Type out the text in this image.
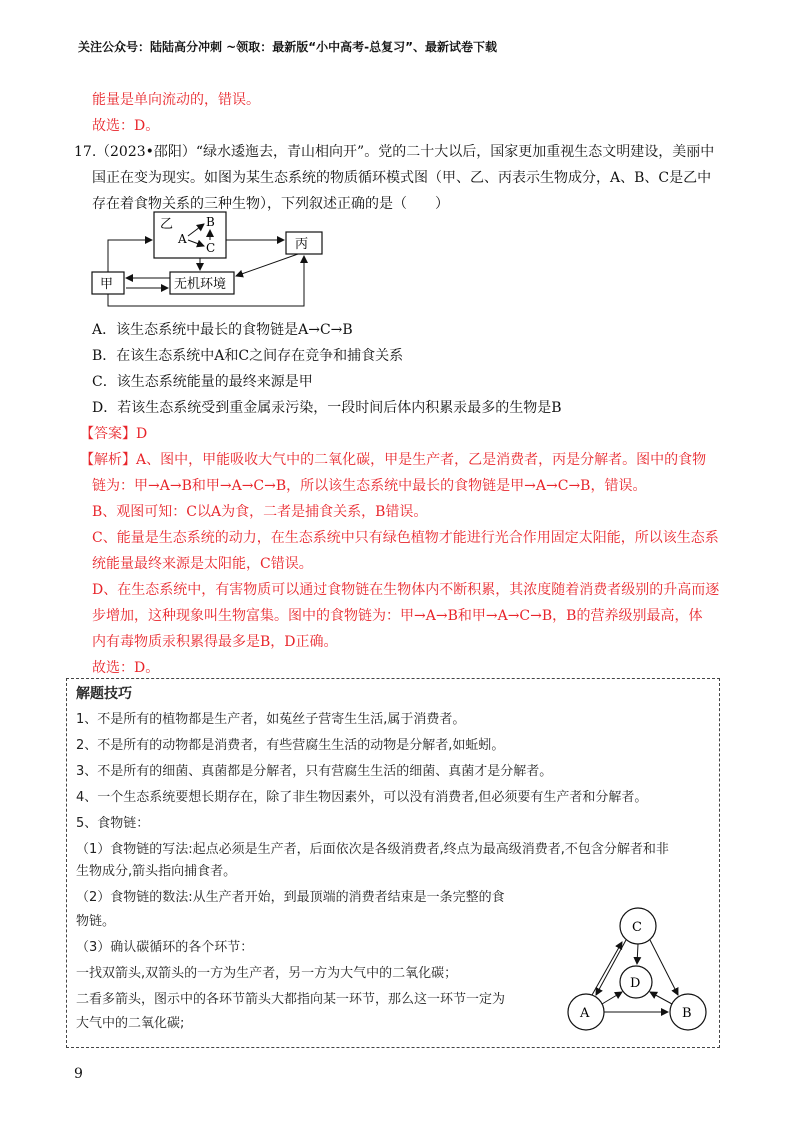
关注公众号：陆陆高分冲刺 ~领取：最新版“小中高考-总复习”、最新试卷下载
能量是单向流动的，错误。
故选：D。
17. （2023•邵阳）“绿水逶迤去，青山相向开”。党的二十大以后，国家更加重视生态文明建设，美丽中
国正在变为现实。如图为某生态系统的物质循环模式图（甲、乙、丙表示生物成分，A、B、C是乙中
存在着食物关系的三种生物），下列叙述正确的是（　　）
乙
A
B
C	丙
甲	无机环境
A．该生态系统中最长的食物链是A→C→B
B．在该生态系统中A和C之间存在竞争和捕食关系
C．该生态系统能量的最终来源是甲
D．若该生态系统受到重金属汞污染，一段时间后体内积累汞最多的生物是B
【答案】D
【解析】A、图中，甲能吸收大气中的二氧化碳，甲是生产者，乙是消费者，丙是分解者。图中的食物
链为：甲→A→B和甲→A→C→B，所以该生态系统中最长的食物链是甲→A→C→B，错误。
B、观图可知：C以A为食，二者是捕食关系，B错误。
C、能量是生态系统的动力，在生态系统中只有绿色植物才能进行光合作用固定太阳能，所以该生态系
统能量最终来源是太阳能，C错误。
D、在生态系统中，有害物质可以通过食物链在生物体内不断积累，其浓度随着消费者级别的升高而逐
步增加，这种现象叫生物富集。图中的食物链为：甲→A→B和甲→A→C→B，B的营养级别最高，体
内有毒物质汞积累得最多是B，D正确。
故选：D。
解题技巧
1、不是所有的植物都是生产者，如菟丝子营寄生生活,属于消费者。
2、不是所有的动物都是消费者，有些营腐生生活的动物是分解者,如蚯蚓。
3、不是所有的细菌、真菌都是分解者，只有营腐生生活的细菌、真菌才是分解者。
4、一个生态系统要想长期存在，除了非生物因素外，可以没有消费者,但必须要有生产者和分解者。
5、食物链：
（1）食物链的写法:起点必须是生产者，后面依次是各级消费者,终点为最高级消费者,不包含分解者和非
生物成分,箭头指向捕食者。
（2）食物链的数法:从生产者开始，到最顶端的消费者结束是一条完整的食
物链。
（3）确认碳循环的各个环节：
一找双箭头,双箭头的一方为生产者，另一方为大气中的二氧化碳；
二看多箭头，图示中的各环节箭头大都指向某一环节，那么这一环节一定为
大气中的二氧化碳;
C
D
A	B
9
